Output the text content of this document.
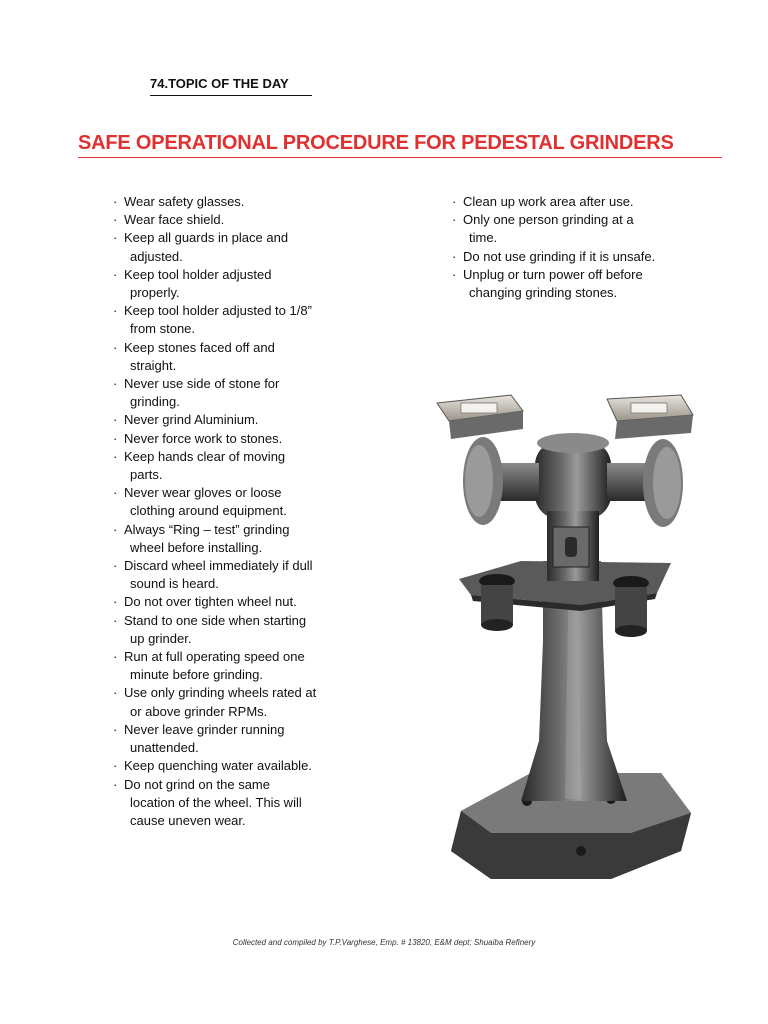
74.TOPIC OF THE DAY
SAFE OPERATIONAL PROCEDURE FOR PEDESTAL GRINDERS
· Wear safety glasses.
· Wear face shield.
· Keep all guards in place and
adjusted.
· Keep tool holder adjusted
properly.
· Keep tool holder adjusted to 1/8”
from stone.
· Keep stones faced off and
straight.
· Never use side of stone for
grinding.
· Never grind Aluminium.
· Never force work to stones.
· Keep hands clear of moving
parts.
· Never wear gloves or loose
clothing around equipment.
· Always “Ring – test” grinding
wheel before installing.
· Discard wheel immediately if dull
sound is heard.
· Do not over tighten wheel nut.
· Stand to one side when starting
up grinder.
· Run at full operating speed one
minute before grinding.
· Use only grinding wheels rated at
or above grinder RPMs.
· Never leave grinder running
unattended.
· Keep quenching water available.
· Do not grind on the same
location of the wheel. This will
cause uneven wear.
· Clean up work area after use.
· Only one person grinding at a
time.
· Do not use grinding if it is unsafe.
· Unplug or turn power off before
changing grinding stones.
Collected and compiled by T.P.Varghese, Emp. # 13820, E&M dept; Shuaiba Refinery
